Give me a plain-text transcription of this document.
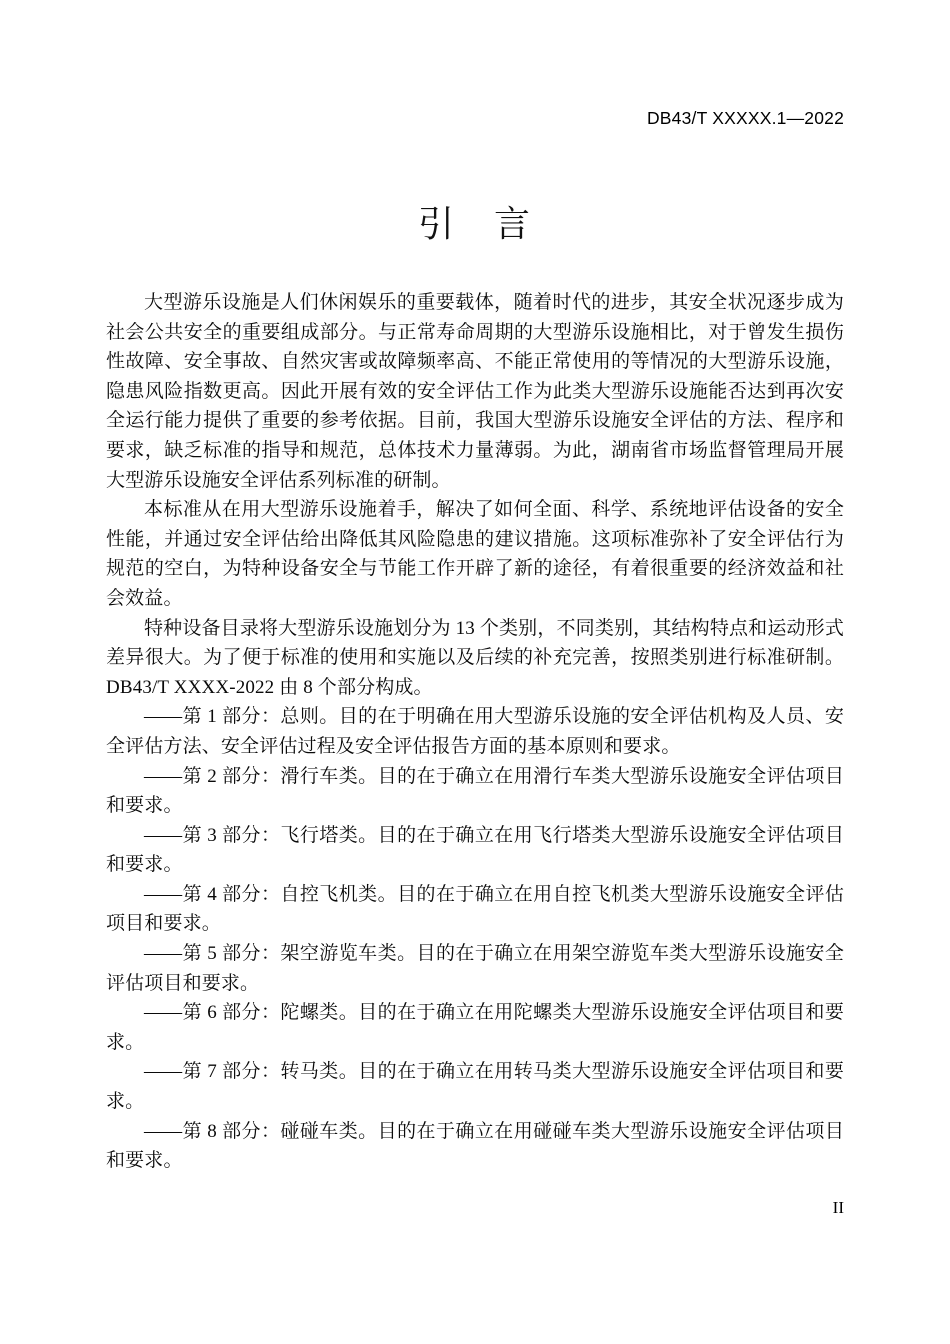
DB43/T XXXXX.1—2022
引　言

大型游乐设施是人们休闲娱乐的重要载体，随着时代的进步，其安全状况逐步成为社会公共安全的重要组成部分。与正常寿命周期的大型游乐设施相比，对于曾发生损伤性故障、安全事故、自然灾害或故障频率高、不能正常使用的等情况的大型游乐设施，隐患风险指数更高。因此开展有效的安全评估工作为此类大型游乐设施能否达到再次安全运行能力提供了重要的参考依据。目前，我国大型游乐设施安全评估的方法、程序和要求，缺乏标准的指导和规范，总体技术力量薄弱。为此，湖南省市场监督管理局开展大型游乐设施安全评估系列标准的研制。

本标准从在用大型游乐设施着手，解决了如何全面、科学、系统地评估设备的安全性能，并通过安全评估给出降低其风险隐患的建议措施。这项标准弥补了安全评估行为规范的空白，为特种设备安全与节能工作开辟了新的途径，有着很重要的经济效益和社会效益。

特种设备目录将大型游乐设施划分为 13 个类别，不同类别，其结构特点和运动形式差异很大。为了便于标准的使用和实施以及后续的补充完善，按照类别进行标准研制。DB43/T XXXX-2022 由 8 个部分构成。

——第 1 部分：总则。目的在于明确在用大型游乐设施的安全评估机构及人员、安全评估方法、安全评估过程及安全评估报告方面的基本原则和要求。

——第 2 部分：滑行车类。目的在于确立在用滑行车类大型游乐设施安全评估项目和要求。

——第 3 部分：飞行塔类。目的在于确立在用飞行塔类大型游乐设施安全评估项目和要求。

——第 4 部分：自控飞机类。目的在于确立在用自控飞机类大型游乐设施安全评估项目和要求。

——第 5 部分：架空游览车类。目的在于确立在用架空游览车类大型游乐设施安全评估项目和要求。

——第 6 部分：陀螺类。目的在于确立在用陀螺类大型游乐设施安全评估项目和要求。

——第 7 部分：转马类。目的在于确立在用转马类大型游乐设施安全评估项目和要求。

——第 8 部分：碰碰车类。目的在于确立在用碰碰车类大型游乐设施安全评估项目和要求。

II
